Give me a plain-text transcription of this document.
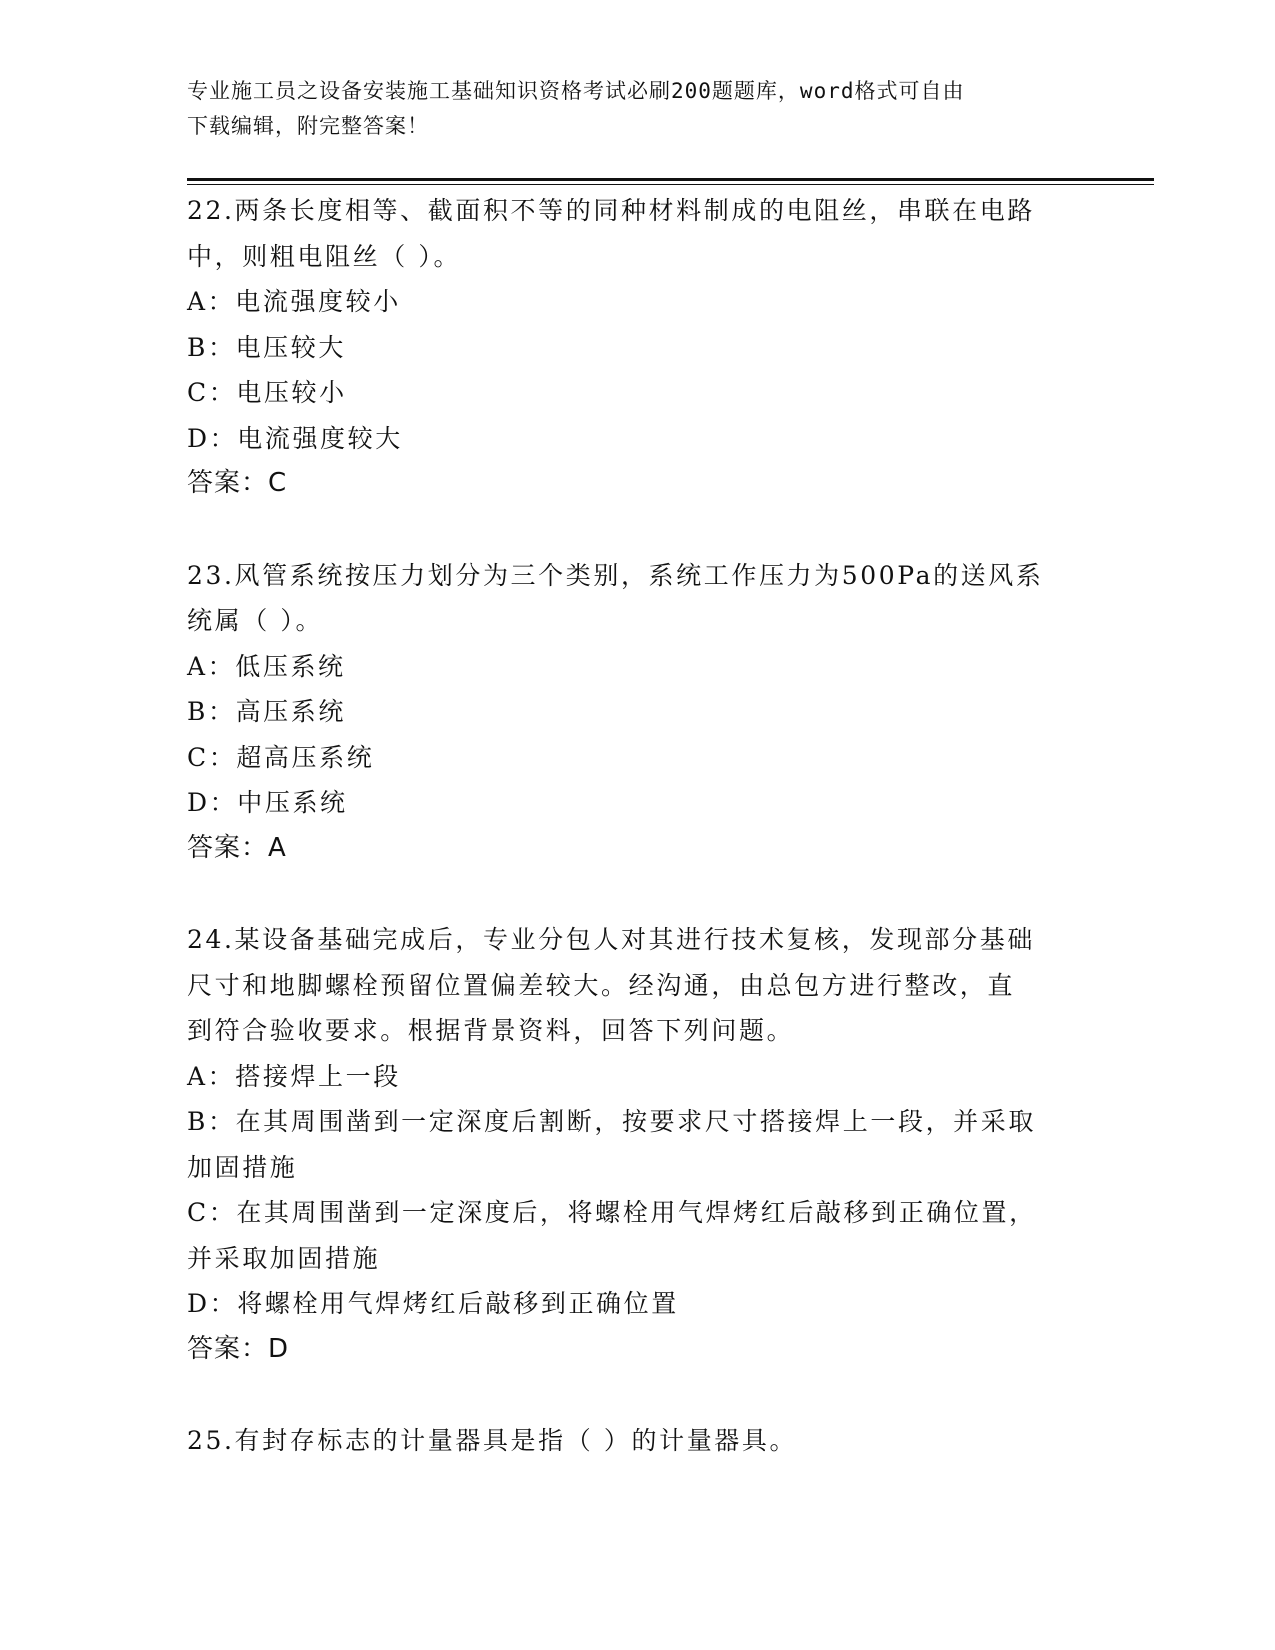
专业施工员之设备安装施工基础知识资格考试必刷200题题库，word格式可自由
下载编辑，附完整答案！
22.两条长度相等、截面积不等的同种材料制成的电阻丝，串联在电路
中，则粗电阻丝（ ）。
A：电流强度较小
B：电压较大
C：电压较小
D：电流强度较大
答案：C
23.风管系统按压力划分为三个类别，系统工作压力为500Pa的送风系
统属（ ）。
A：低压系统
B：高压系统
C：超高压系统
D：中压系统
答案：A
24.某设备基础完成后，专业分包人对其进行技术复核，发现部分基础
尺寸和地脚螺栓预留位置偏差较大。经沟通，由总包方进行整改，直
到符合验收要求。根据背景资料，回答下列问题。
A：搭接焊上一段
B：在其周围凿到一定深度后割断，按要求尺寸搭接焊上一段，并采取
加固措施
C：在其周围凿到一定深度后，将螺栓用气焊烤红后敲移到正确位置，
并采取加固措施
D：将螺栓用气焊烤红后敲移到正确位置
答案：D
25.有封存标志的计量器具是指（ ）的计量器具。
